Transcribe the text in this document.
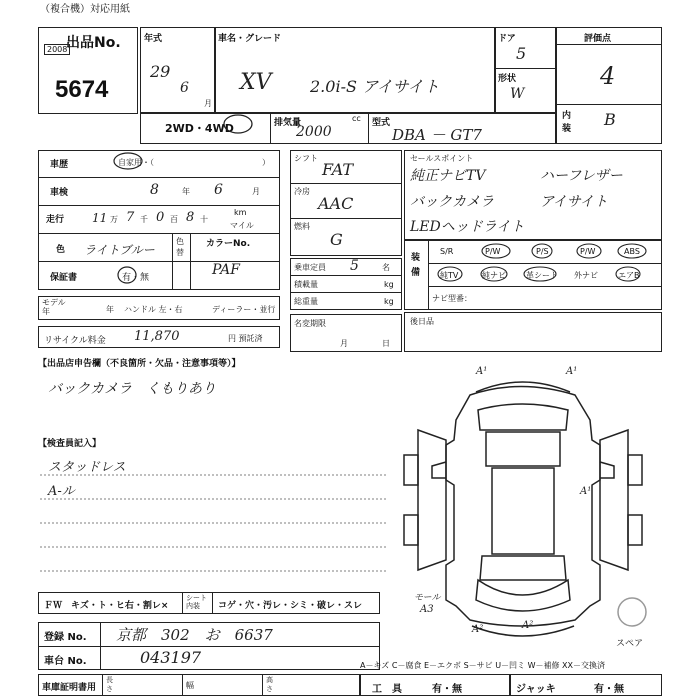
（複合機）対応用紙
出品No.
2008
5674
年式
29
6
月
車名・グレード
XV 2.0i-S アイサイト
ドア
5
形状
W
評価点
4
内装	B
2WD・4WD	排気量
2000
cc 型式
DBA － GT7
車歴	自家用・（	）
車検	8	年 6	月
走行 11 万 7 千 0 百 8 十
km
マイル
色 ライトブルー
色替
カラーNo.
PAF
保証書	有・無
モデル年	年 ハンドル 左・右	ディーラー・並行
リサイクル料金 11,870	円 預託済
シフト
FAT
冷房
AAC
燃料
G
乗車定員 5	名
積載量	kg
総重量	kg
名変期限
月	日
セールスポイント
純正ナビTV	ハーフレザー
バックカメラ	アイサイト
LEDヘッドライト
装備
S/R	P/W	P/S	P/W	ABS
純TV	純ナビ	革シート 外ナビ	エアB
ナビ型番：
後日品
【出品店申告欄（不良箇所・欠品・注意事項等）】
バックカメラ　くもりあり
【検査員記入】
スタッドレス
A-ル
A¹	A¹
A¹
モール
A3
A²	A²
スペア
ＦＷ　キズ・ト・ヒ右・割レ×
シート内装	コゲ・穴・汚レ・シミ・破レ・スレ
登録 No. 京都　302　お　6637
車台 No.	043197	A－キズ C－腐食 E－エクボ S－サビ U－凹ミ W－補修 XX－交換済
車庫証明書用
長さ	幅
高さ	工　具	有・無	ジャッキ	有・無
